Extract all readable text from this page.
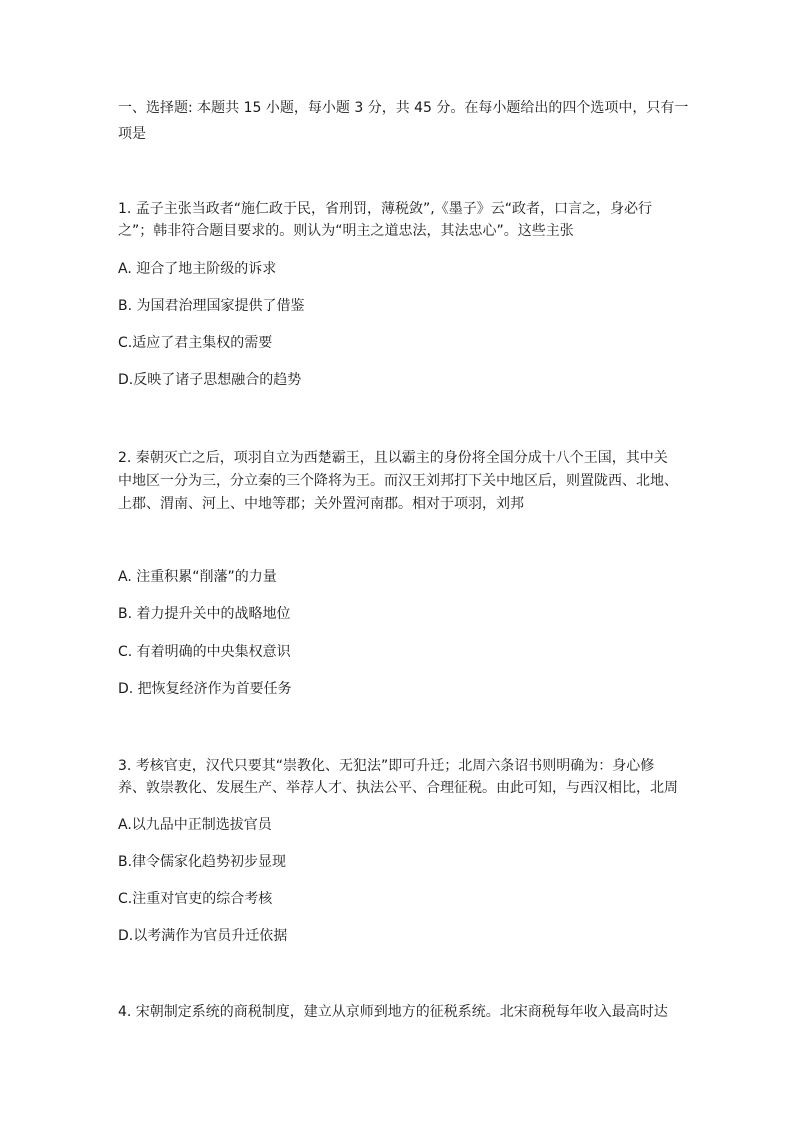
一、选择题: 本题共 15 小题，每小题 3 分，共 45 分。在每小题给出的四个选项中，只有一
项是
1. 孟子主张当政者“施仁政于民，省刑罚，薄税敛”,《墨子》云“政者，口言之，身必行
之”；韩非符合题目要求的。则认为“明主之道忠法，其法忠心”。这些主张
A. 迎合了地主阶级的诉求
B. 为国君治理国家提供了借鉴
C.适应了君主集权的需要
D.反映了诸子思想融合的趋势
2. 秦朝灭亡之后，项羽自立为西楚霸王，且以霸主的身份将全国分成十八个王国，其中关
中地区一分为三，分立秦的三个降将为王。而汉王刘邦打下关中地区后，则置陇西、北地、
上郡、渭南、河上、中地等郡；关外置河南郡。相对于项羽，刘邦
A. 注重积累“削藩”的力量
B. 着力提升关中的战略地位
C. 有着明确的中央集权意识
D. 把恢复经济作为首要任务
3. 考核官吏，汉代只要其“崇教化、无犯法”即可升迁；北周六条诏书则明确为：身心修
养、敦崇教化、发展生产、举荐人才、执法公平、合理征税。由此可知，与西汉相比，北周
A.以九品中正制选拔官员
B.律令儒家化趋势初步显现
C.注重对官吏的综合考核
D.以考满作为官员升迁依据
4. 宋朝制定系统的商税制度，建立从京师到地方的征税系统。北宋商税每年收入最高时达
